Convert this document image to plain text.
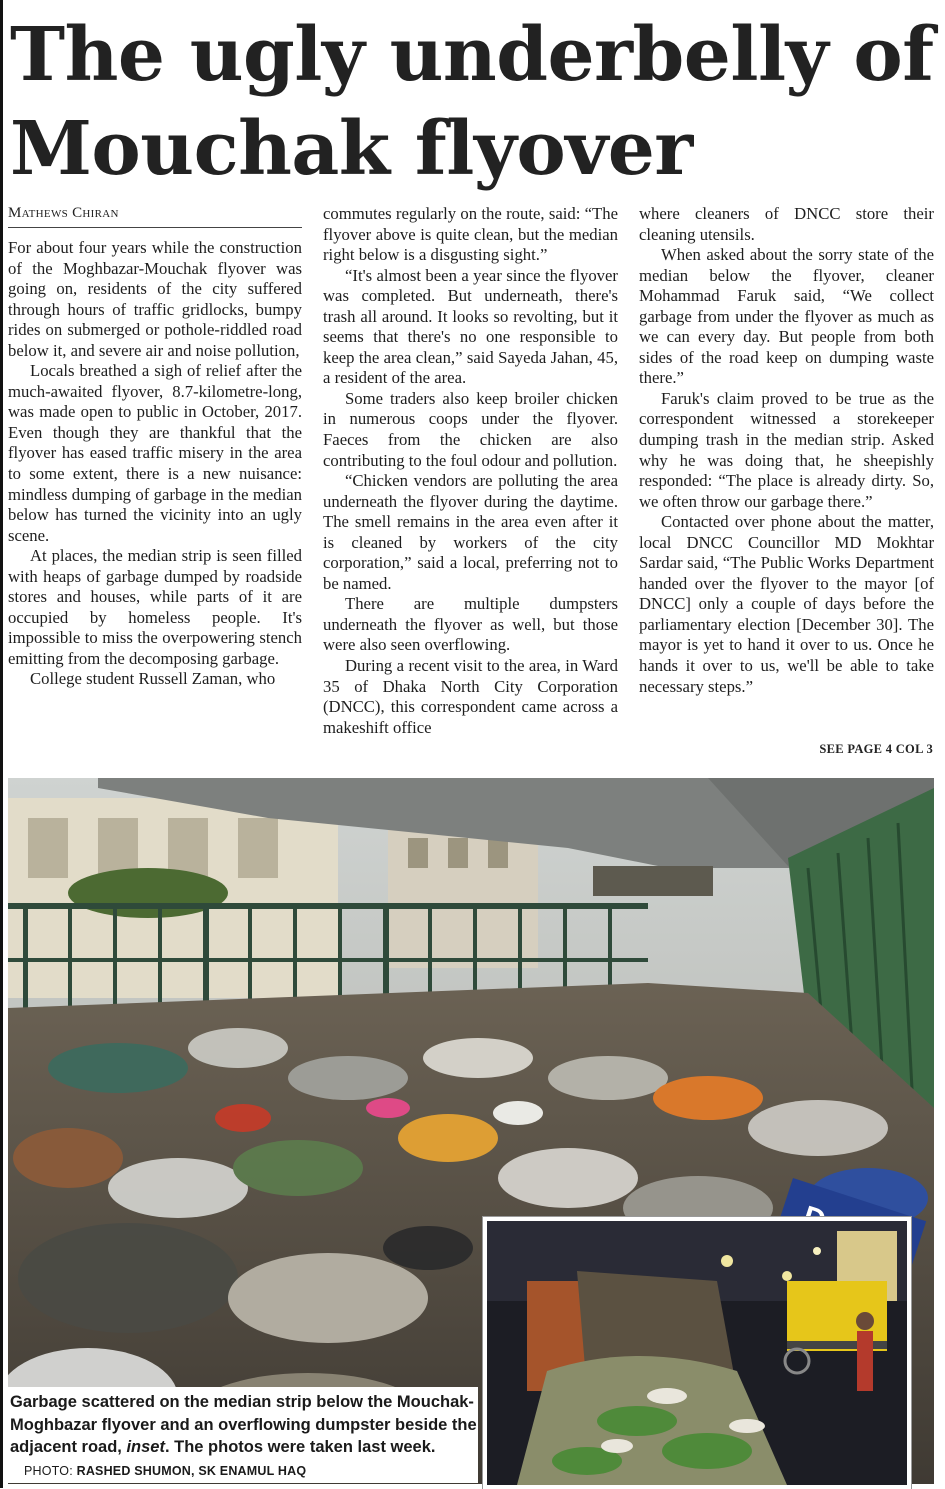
The ugly underbelly of
Mouchak flyover
Mathews Chiran

For about four years while the construction of the Moghbazar-Mouchak flyover was going on, residents of the city suffered through hours of traffic gridlocks, bumpy rides on submerged or pothole-riddled road below it, and severe air and noise pollution,

Locals breathed a sigh of relief after the much-awaited flyover, 8.7-kilometre-long, was made open to public in October, 2017. Even though they are thankful that the flyover has eased traffic misery in the area to some extent, there is a new nuisance: mindless dumping of garbage in the median below has turned the vicinity into an ugly scene.

At places, the median strip is seen filled with heaps of garbage dumped by roadside stores and houses, while parts of it are occupied by homeless people. It's impossible to miss the overpowering stench emitting from the decomposing garbage.

College student Russell Zaman, who

commutes regularly on the route, said: “The flyover above is quite clean, but the median right below is a disgusting sight.”

“It's almost been a year since the flyover was completed. But underneath, there's trash all around. It looks so revolting, but it seems that there's no one responsible to keep the area clean,” said Sayeda Jahan, 45, a resident of the area.

Some traders also keep broiler chicken in numerous coops under the flyover. Faeces from the chicken are also contributing to the foul odour and pollution.

“Chicken vendors are polluting the area underneath the flyover during the daytime. The smell remains in the area even after it is cleaned by workers of the city corporation,” said a local, preferring not to be named.

There are multiple dumpsters underneath the flyover as well, but those were also seen overflowing.

During a recent visit to the area, in Ward 35 of Dhaka North City Corporation (DNCC), this correspondent came across a makeshift office

where cleaners of DNCC store their cleaning utensils.

When asked about the sorry state of the median below the flyover, cleaner Mohammad Faruk said, “We collect garbage from under the flyover as much as we can every day. But people from both sides of the road keep on dumping waste there.”

Faruk's claim proved to be true as the correspondent witnessed a storekeeper dumping trash in the median strip. Asked why he was doing that, he sheepishly responded: “The place is already dirty. So, we often throw our garbage there.”

Contacted over phone about the matter, local DNCC Councillor MD Mokhtar Sardar said, “The Public Works Department handed over the flyover to the mayor [of DNCC] only a couple of days before the parliamentary election [December 30]. The mayor is yet to hand it over to us. Once he hands it over to us, we'll be able to take necessary steps.”

SEE PAGE 4 COL 3
Garbage scattered on the median strip below the Mouchak-Moghbazar flyover and an overflowing dumpster beside the adjacent road, inset. The photos were taken last week. PHOTO: RASHED SHUMON, SK ENAMUL HAQ
